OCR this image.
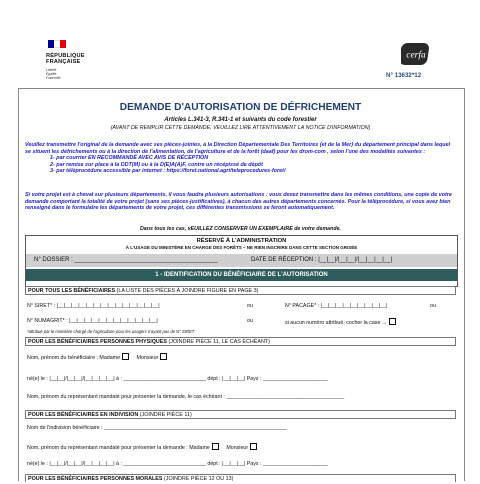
RÉPUBLIQUE
FRANÇAISE
Liberté
Égalité
Fraternité
cerfa
N° 13632*12
DEMANDE D'AUTORISATION DE DÉFRICHEMENT
Articles L.341-3, R.341-1 et suivants du code forestier
(AVANT DE REMPLIR CETTE DEMANDE, VEUILLEZ LIRE ATTENTIVEMENT LA NOTICE D'INFORMATION)

Veuillez transmettre l'original de la demande avec ses pièces-jointes, à la Direction Départementale Des Territoires (et de la Mer) du département principal dans lequel se situent les défrichements ou à la direction de l'alimentation, de l'agriculture et de la forêt (daaf) pour les drom-com , selon l'une des modalités suivantes :

1- par courrier EN RECOMMANDÉ AVEC AVIS DE RÉCEPTION

2- par remise sur place à la DDT(M) ou à la D(E)A(A)F, contre un récépissé de dépôt

3- par téléprocédure accessible par internet : https://foret.national.agri/teleprocedures-foret/

Si votre projet est à cheval sur plusieurs départements, il vous faudra plusieurs autorisations : vous devez transmettre dans les mêmes conditions, une copie de votre demande comportant la totalité de votre projet (sans ses pièces-justificatives), à chacun des autres départements concernés. Pour la téléprocédure, si vous avez bien renseigné dans le formulaire les départements de votre projet, ces différentes transmissions se feront automatiquement.
Dans tous les cas, vEUILLEZ CONSERVER UN EXEMPLAIRE de votre demande.
RÉSERVÉ À L'ADMINISTRATION
À L'USAGE DU MINISTÈRE EN CHARGE DES FORÊTS – NE RIEN INSCRIRE DANS CETTE SECTION GRISÉE
N° DOSSIER : ___________________________________________	DATE DE RÉCEPTION : |__|__|/|__|__|/|__|__|__|__|
1 - IDENTIFICATION DU BÉNÉFICIAIRE DE L'AUTORISATION
POUR TOUS LES BÉNÉFICIAIRES (LA LISTE DES PIÈCES À JOINDRE FIGURE EN PAGE 3)
N° SIRET* : |__|__|__|__|__|__|__|__|__|__|__|__|__|__|	ou	N° PACAGE* : |__|__|__|__|__|__|__|__|__|	ou
N° NUMAGRIT* : |__|__|__|__|__|__|__|__|__|__|__|__|	ou	si aucun numéro attribué, cocher la case →
*attribué par le ministère chargé de l'agriculture pour les usagers n'ayant pas de N° SIRET
POUR LES BÉNÉFICIAIRES PERSONNES PHYSIQUES (JOINDRE PIÈCE 11, LE CAS ÉCHÉANT)
Nom, prénom du bénéficiaire : Madame	Monsieur
né(e) le : |__|__|/|__|__|/|__|__|__|__| à : ____________________________ dépt : |__|__|__| Pays : ______________________
Nom, prénom du représentant mandaté pour présenter la demande, le cas échéant : ________________________________________
POUR LES BÉNÉFICIAIRES EN INDIVISION (JOINDRE PIÈCE 11)
Nom de l'indivision bénéficiaire : ______________________________________________________________
Nom, prénom du représentant mandaté pour présenter la demande : Madame	Monsieur
né(e) le : |__|__|/|__|__|/|__|__|__|__| à : ____________________________ dépt : |__|__|__| Pays : ______________________
POUR LES BÉNÉFICIAIRES PERSONNES MORALES (JOINDRE PIÈCE 12 OU 13)
